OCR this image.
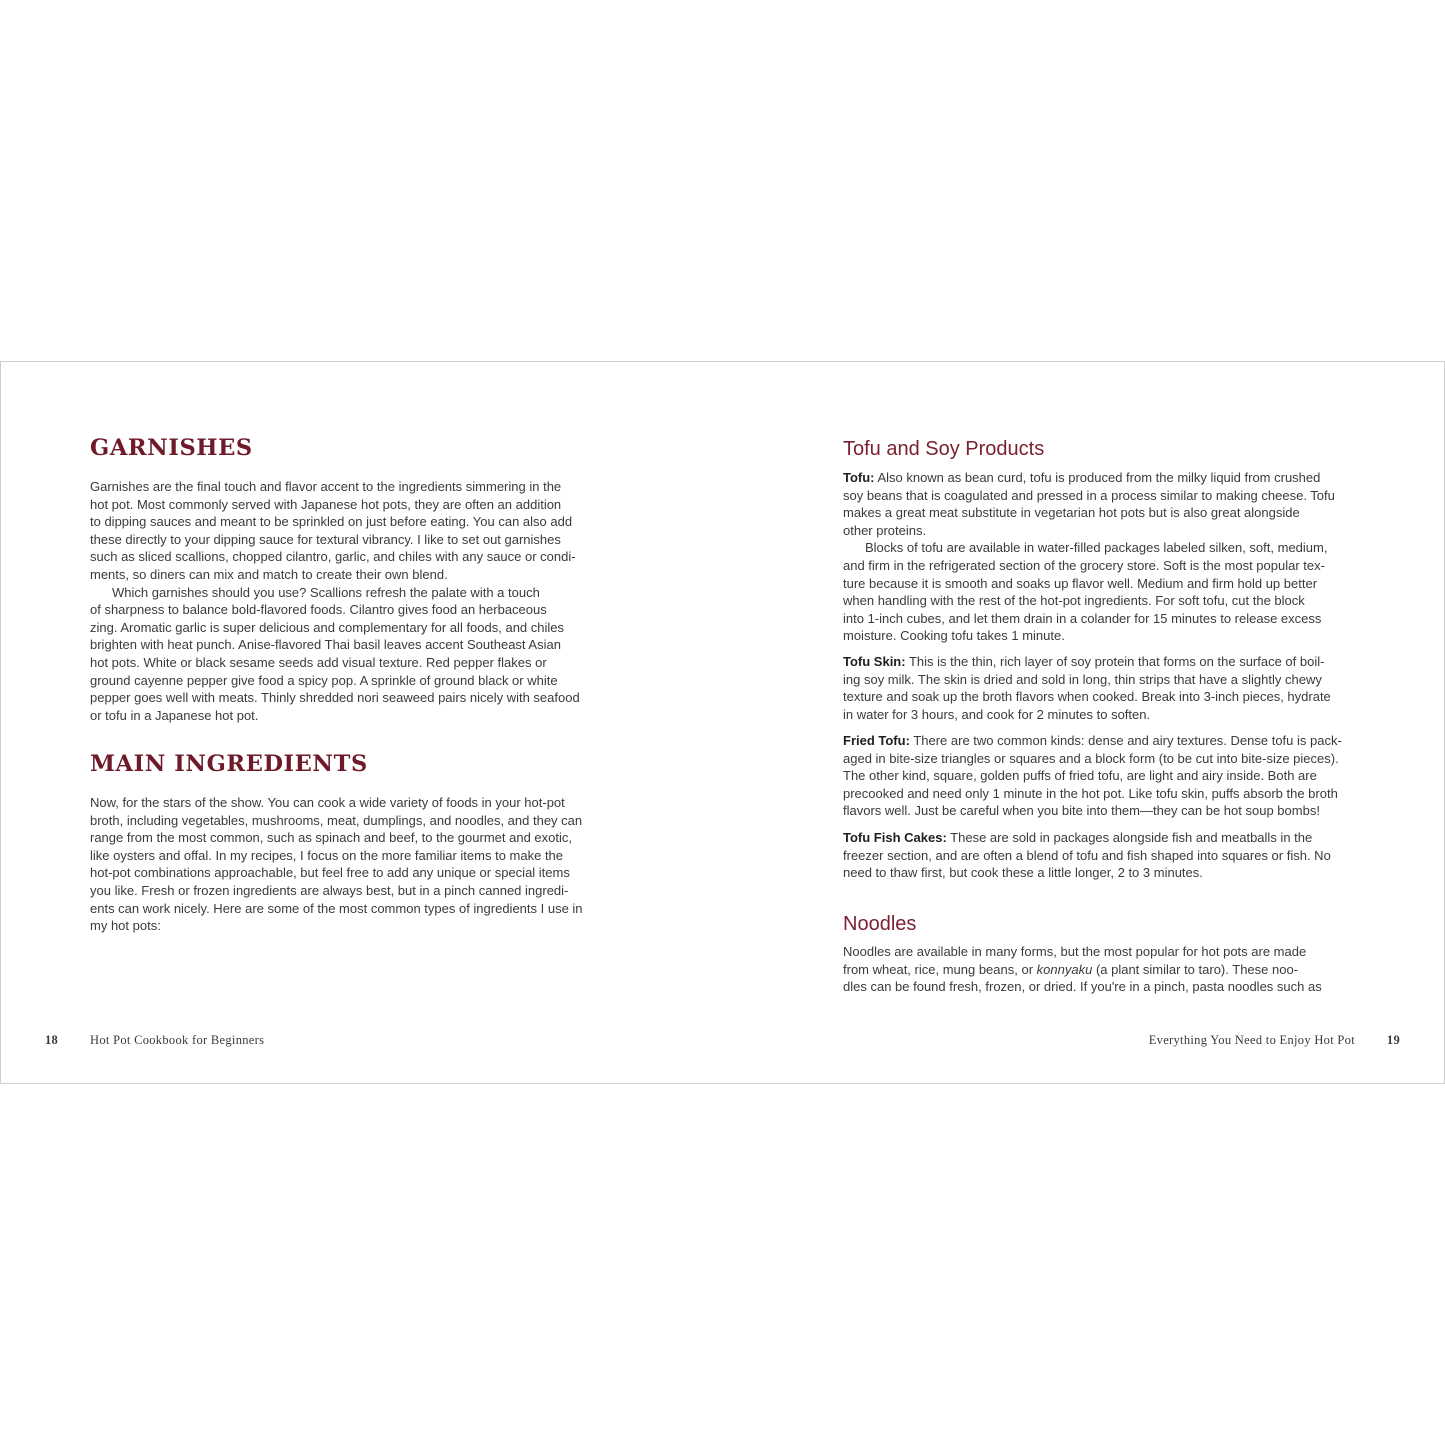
GARNISHES
Garnishes are the final touch and flavor accent to the ingredients simmering in the
hot pot. Most commonly served with Japanese hot pots, they are often an addition
to dipping sauces and meant to be sprinkled on just before eating. You can also add
these directly to your dipping sauce for textural vibrancy. I like to set out garnishes
such as sliced scallions, chopped cilantro, garlic, and chiles with any sauce or condi-
ments, so diners can mix and match to create their own blend.
Which garnishes should you use? Scallions refresh the palate with a touch
of sharpness to balance bold-flavored foods. Cilantro gives food an herbaceous
zing. Aromatic garlic is super delicious and complementary for all foods, and chiles
brighten with heat punch. Anise-flavored Thai basil leaves accent Southeast Asian
hot pots. White or black sesame seeds add visual texture. Red pepper flakes or
ground cayenne pepper give food a spicy pop. A sprinkle of ground black or white
pepper goes well with meats. Thinly shredded nori seaweed pairs nicely with seafood
or tofu in a Japanese hot pot.
MAIN INGREDIENTS
Now, for the stars of the show. You can cook a wide variety of foods in your hot-pot
broth, including vegetables, mushrooms, meat, dumplings, and noodles, and they can
range from the most common, such as spinach and beef, to the gourmet and exotic,
like oysters and offal. In my recipes, I focus on the more familiar items to make the
hot-pot combinations approachable, but feel free to add any unique or special items
you like. Fresh or frozen ingredients are always best, but in a pinch canned ingredi-
ents can work nicely. Here are some of the most common types of ingredients I use in
my hot pots:
Tofu and Soy Products
Tofu: Also known as bean curd, tofu is produced from the milky liquid from crushed
soy beans that is coagulated and pressed in a process similar to making cheese. Tofu
makes a great meat substitute in vegetarian hot pots but is also great alongside
other proteins.
Blocks of tofu are available in water-filled packages labeled silken, soft, medium,
and firm in the refrigerated section of the grocery store. Soft is the most popular tex-
ture because it is smooth and soaks up flavor well. Medium and firm hold up better
when handling with the rest of the hot-pot ingredients. For soft tofu, cut the block
into 1-inch cubes, and let them drain in a colander for 15 minutes to release excess
moisture. Cooking tofu takes 1 minute.
Tofu Skin: This is the thin, rich layer of soy protein that forms on the surface of boil-
ing soy milk. The skin is dried and sold in long, thin strips that have a slightly chewy
texture and soak up the broth flavors when cooked. Break into 3-inch pieces, hydrate
in water for 3 hours, and cook for 2 minutes to soften.
Fried Tofu: There are two common kinds: dense and airy textures. Dense tofu is pack-
aged in bite-size triangles or squares and a block form (to be cut into bite-size pieces).
The other kind, square, golden puffs of fried tofu, are light and airy inside. Both are
precooked and need only 1 minute in the hot pot. Like tofu skin, puffs absorb the broth
flavors well. Just be careful when you bite into them—they can be hot soup bombs!
Tofu Fish Cakes: These are sold in packages alongside fish and meatballs in the
freezer section, and are often a blend of tofu and fish shaped into squares or fish. No
need to thaw first, but cook these a little longer, 2 to 3 minutes.
Noodles
Noodles are available in many forms, but the most popular for hot pots are made
from wheat, rice, mung beans, or konnyaku (a plant similar to taro). These noo-
dles can be found fresh, frozen, or dried. If you're in a pinch, pasta noodles such as
18	Hot Pot Cookbook for Beginners	Everything You Need to Enjoy Hot Pot	19
